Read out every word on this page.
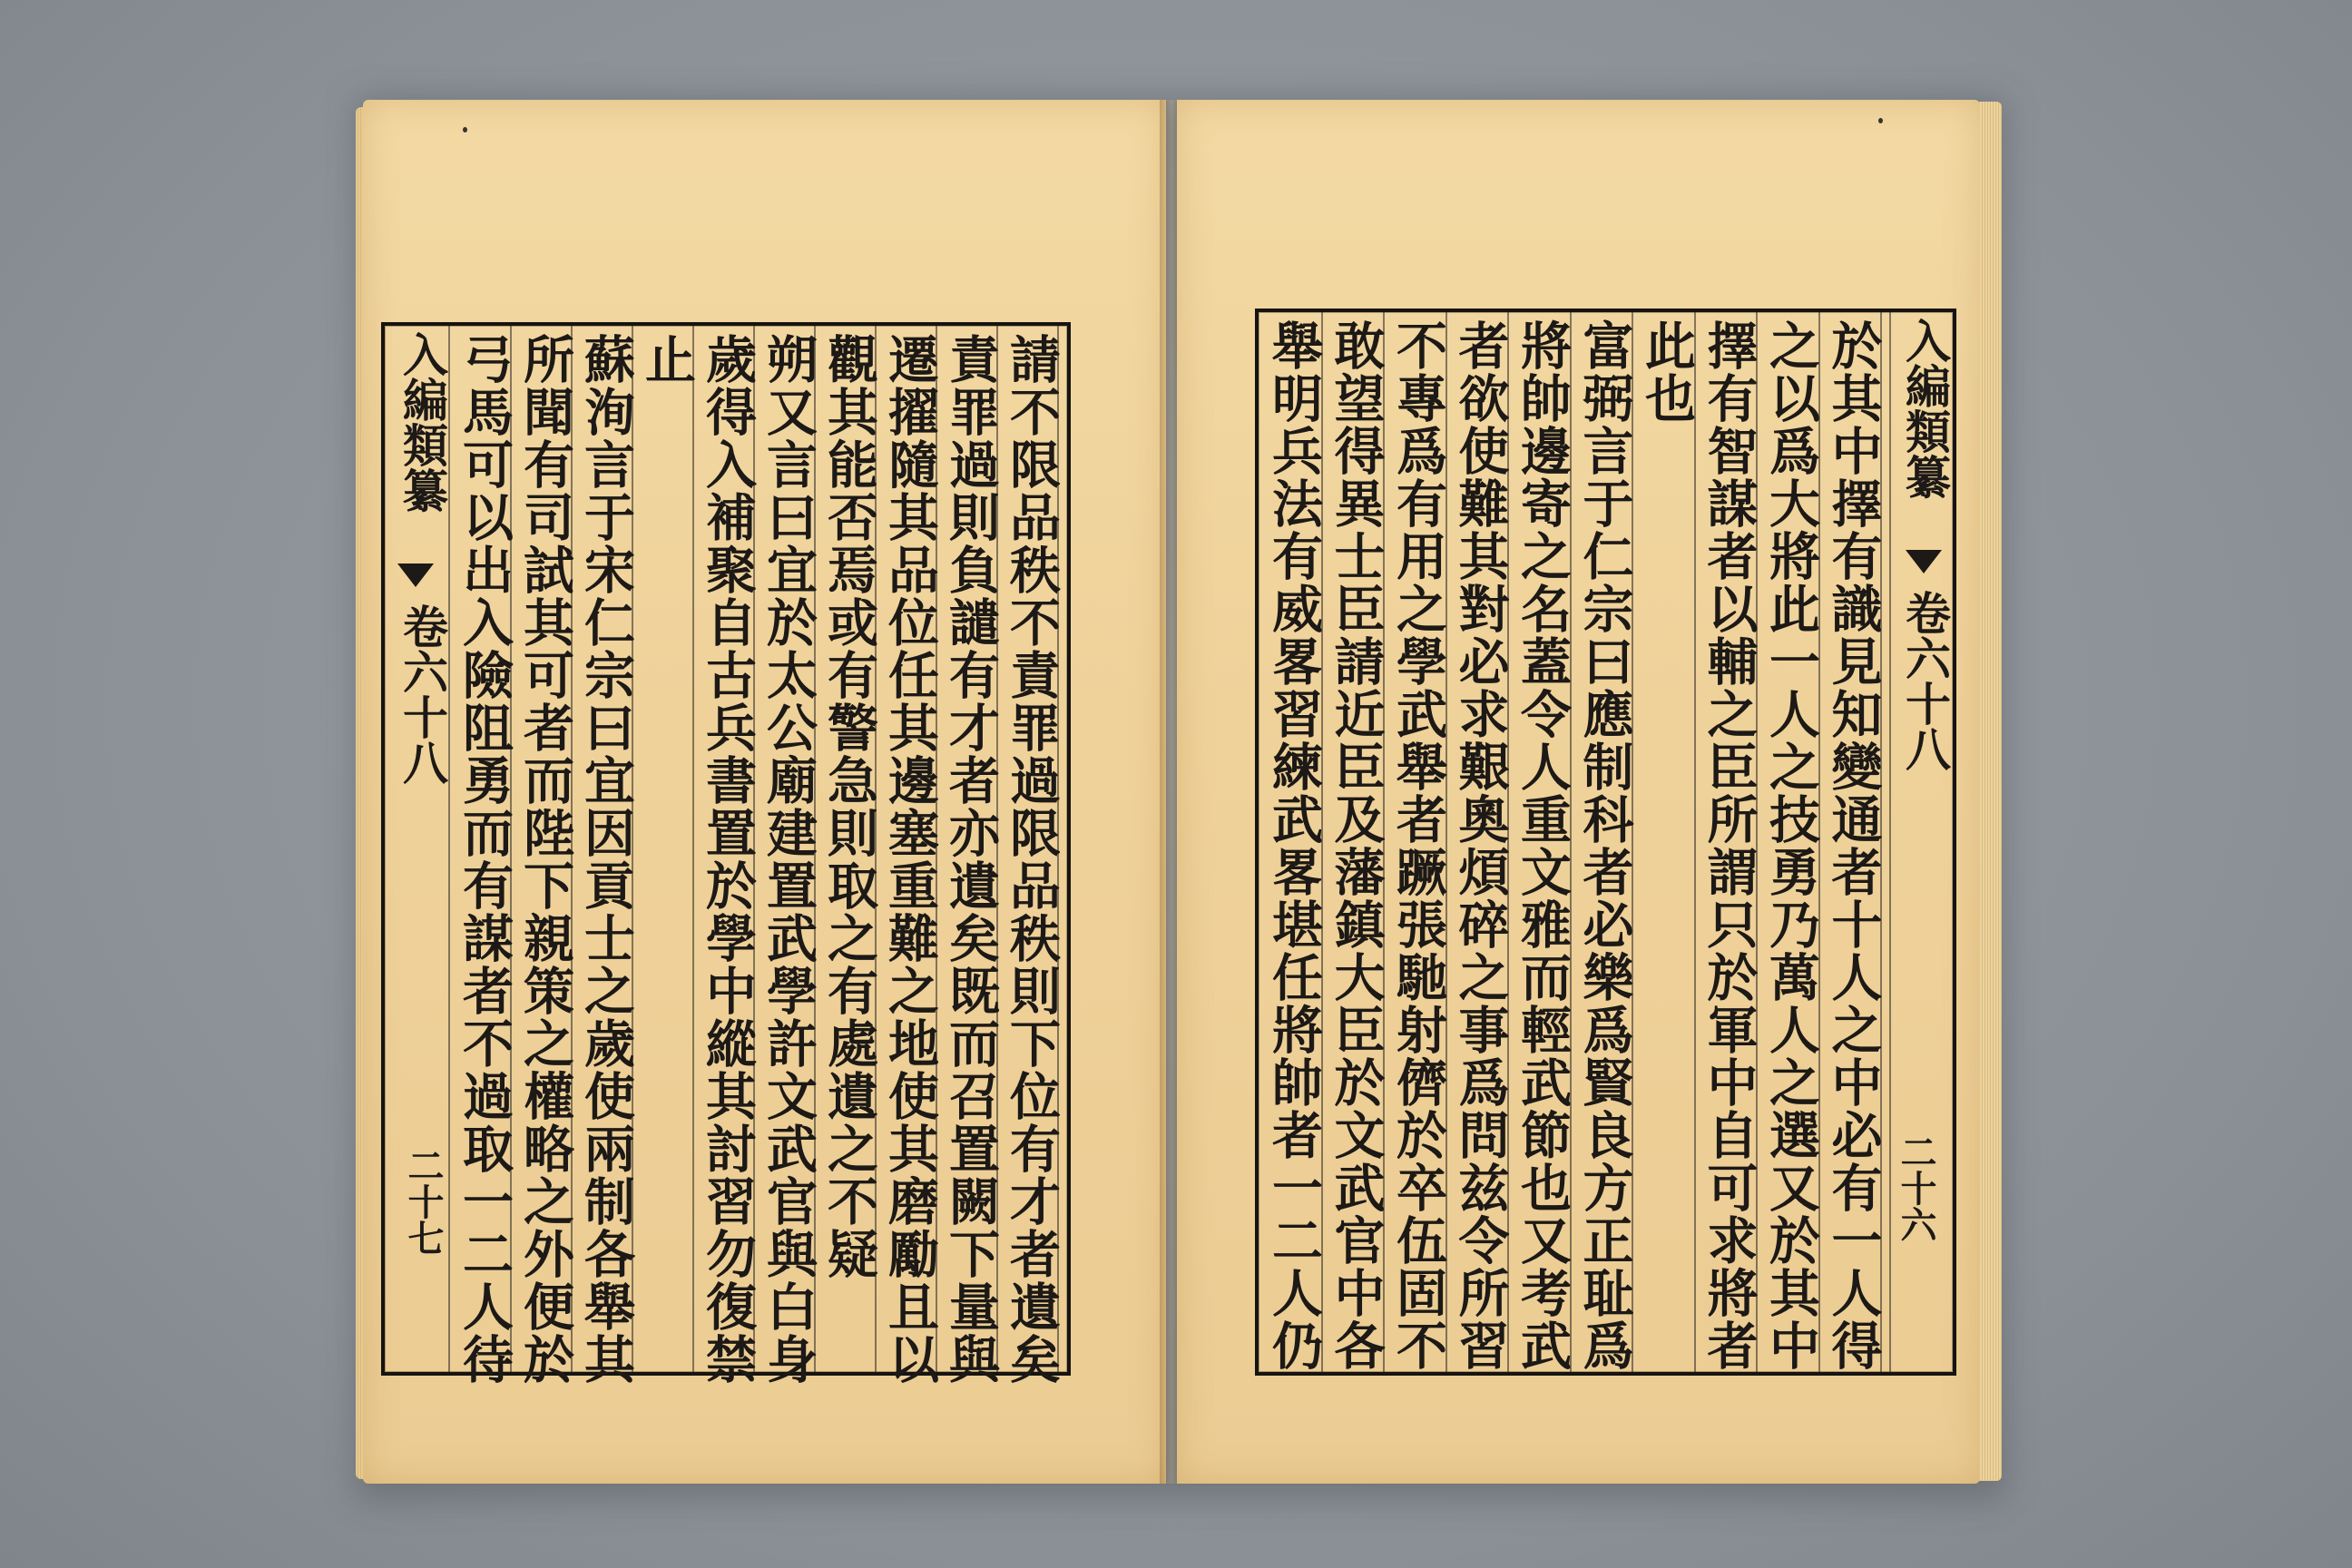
入編類纂
卷六十八
二十七	請不限品秩不責罪過限品秩則下位有才者遺矣
責罪過則負譴有才者亦遺矣既而召置闕下量與
遷擢隨其品位任其邊塞重難之地使其磨勵且以
觀其能否焉或有警急則取之有處遺之不疑
朔又言曰宜於太公廟建置武學許文武官與白身
歲得入補聚自古兵書置於學中縱其討習勿復禁
止
蘇洵言于宋仁宗曰宜因貢士之歲使兩制各舉其
所聞有司試其可者而陛下親策之權略之外便於
弓馬可以出入險阻勇而有謀者不過取一二人待	入編類纂
卷六十八
二十六
於其中擇有識見知變通者十人之中必有一人得
之以爲大將此一人之技勇乃萬人之選又於其中
擇有智謀者以輔之臣所謂只於軍中自可求將者
此也
富弼言于仁宗曰應制科者必樂爲賢良方正耻爲
將帥邊寄之名蓋令人重文雅而輕武節也又考武
者欲使難其對必求艱奧煩碎之事爲問兹令所習
不專爲有用之學武舉者蹶張馳射儕於卒伍固不
敢望得異士臣請近臣及藩鎮大臣於文武官中各
舉明兵法有威畧習練武畧堪任將帥者一二人仍
